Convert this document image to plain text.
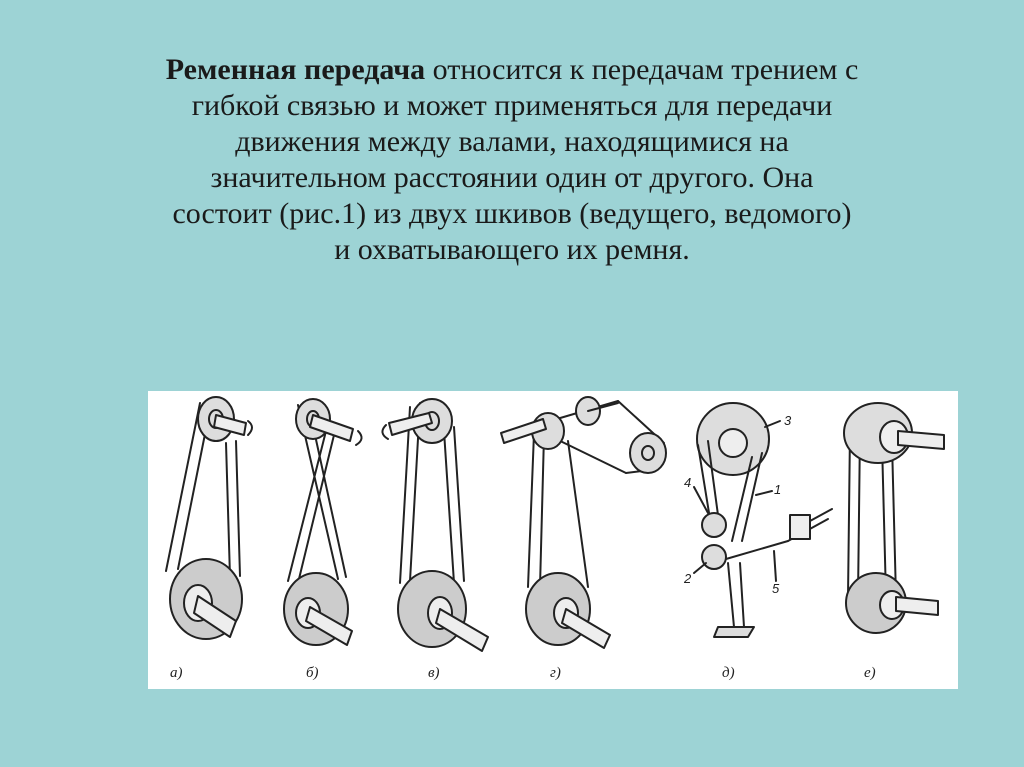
Ременная передача относится к передачам трением с
гибкой связью и может применяться для передачи
движения между валами, находящимися на
значительном расстоянии один от другого. Она
состоит (рис.1) из двух шкивов (ведущего, ведомого)
и охватывающего их ремня.

а)	б)	в)	г)	д)	е)
1
2
3
4
5
